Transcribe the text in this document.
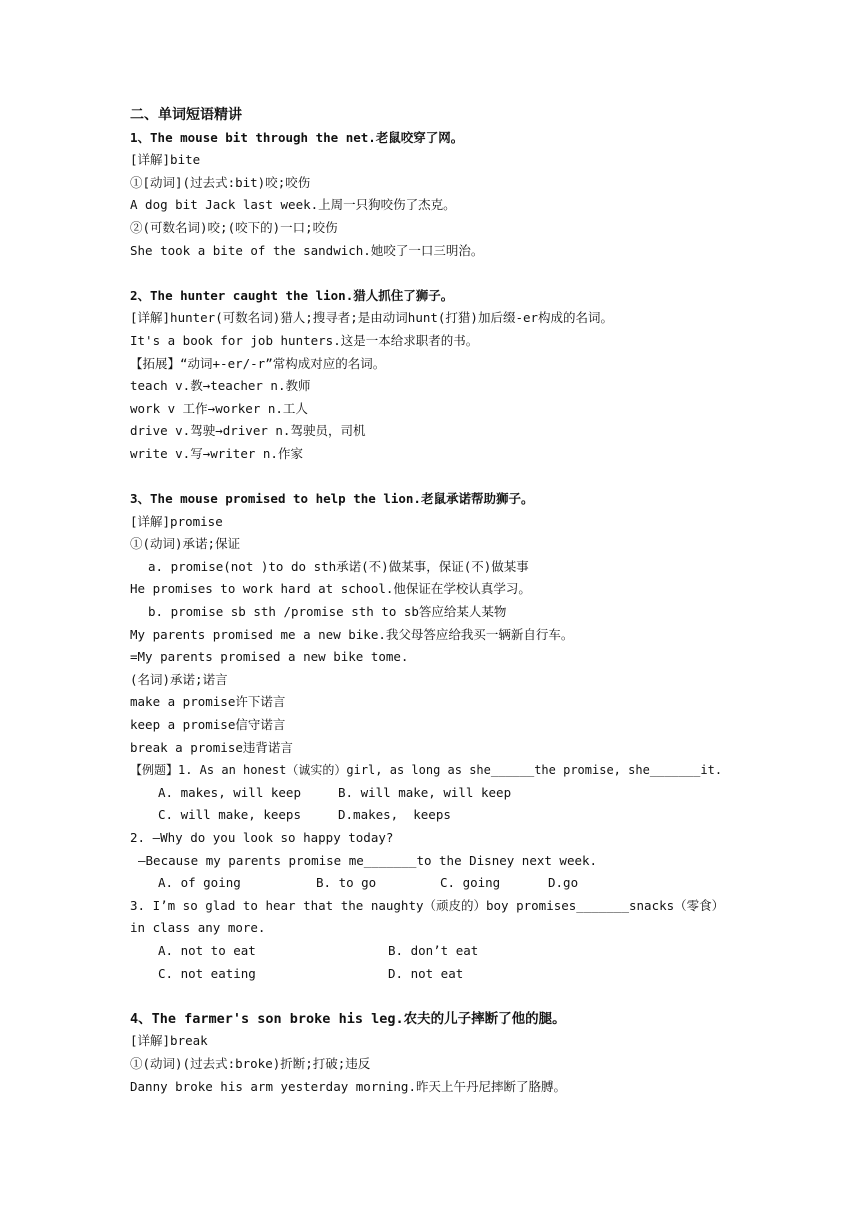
二、单词短语精讲
1、The mouse bit through the net.老鼠咬穿了网。
[详解]bite
①[动词](过去式:bit)咬;咬伤
A dog bit Jack last week.上周一只狗咬伤了杰克。
②(可数名词)咬;(咬下的)一口;咬伤
She took a bite of the sandwich.她咬了一口三明治。
2、The hunter caught the lion.猎人抓住了狮子。
[详解]hunter(可数名词)猎人;搜寻者;是由动词hunt(打猎)加后缀-er构成的名词。
It's a book for job hunters.这是一本给求职者的书。
【拓展】“动词+-er/-r”常构成对应的名词。
teach v.教→teacher n.教师
work v 工作→worker n.工人
drive v.驾驶→driver n.驾驶员，司机
write v.写→writer n.作家
3、The mouse promised to help the lion.老鼠承诺帮助狮子。
[详解]promise
①(动词)承诺;保证
a. promise(not )to do sth承诺(不)做某事，保证(不)做某事
He promises to work hard at school.他保证在学校认真学习。
b. promise sb sth /promise sth to sb答应给某人某物
My parents promised me a new bike.我父母答应给我买一辆新自行车。
=My parents promised a new bike tome.
(名词)承诺;诺言
make a promise许下诺言
keep a promise信守诺言
break a promise违背诺言
【例题】1. As an honest（诚实的）girl, as long as she______the promise, she_______it.
A. makes, will keep	B. will make, will keep
C. will make, keeps	D.makes,  keeps
2. —Why do you look so happy today?
—Because my parents promise me_______to the Disney next week.
A. of going	B. to go	C. going	D.go
3. I’m so glad to hear that the naughty（顽皮的）boy promises_______snacks（零食）
in class any more.
A. not to eat	B. don’t eat
C. not eating	D. not eat
4、The farmer's son broke his leg.农夫的儿子摔断了他的腿。
[详解]break
①(动词)(过去式:broke)折断;打破;违反
Danny broke his arm yesterday morning.昨天上午丹尼摔断了胳膊。
